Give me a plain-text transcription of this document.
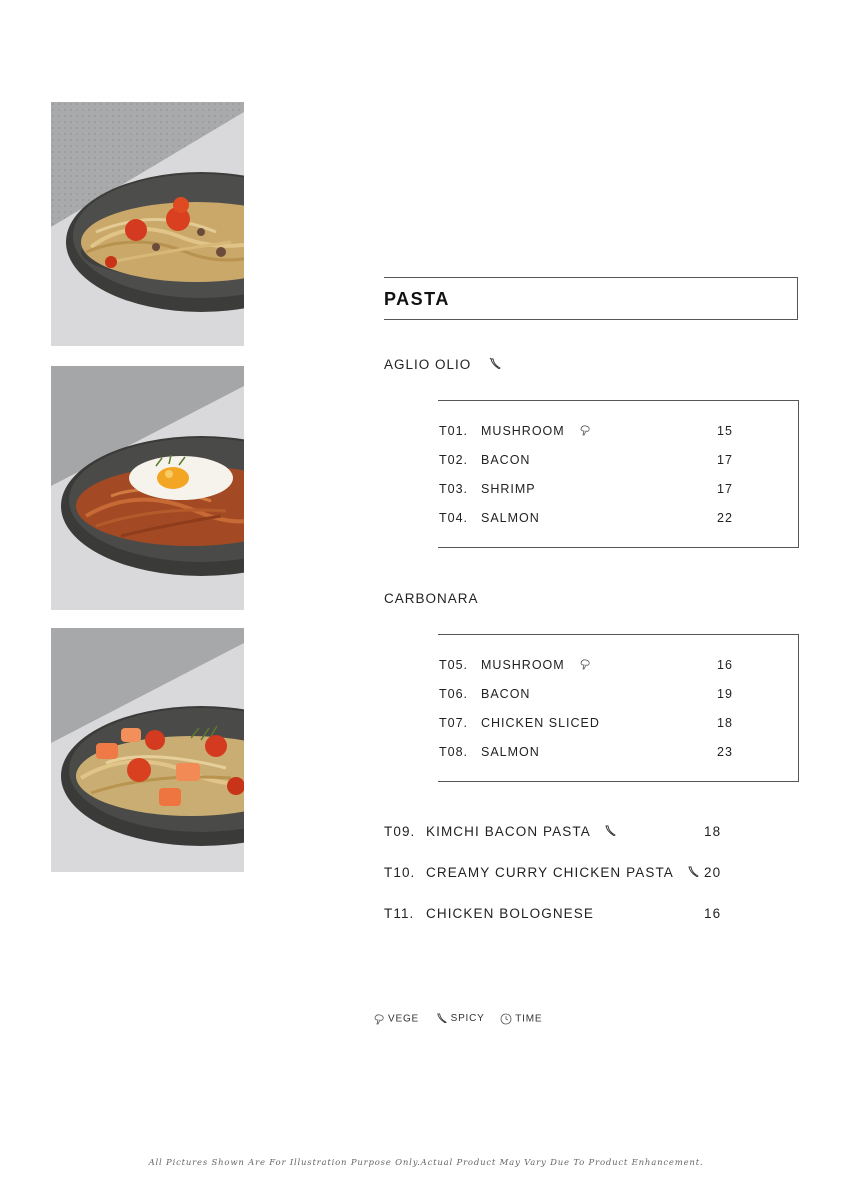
PASTA
AGLIO OLIO
T01. MUSHROOM	15
T02. BACON	17
T03. SHRIMP	17
T04. SALMON	22
CARBONARA
T05. MUSHROOM	16
T06. BACON	19
T07. CHICKEN SLICED	18
T08. SALMON	23
T09. KIMCHI BACON PASTA	18
T10. CREAMY CURRY CHICKEN PASTA	20
T11. CHICKEN BOLOGNESE	16
VEGE	SPICY	TIME
All Pictures Shown Are For Illustration Purpose Only.Actual Product May Vary Due To Product Enhancement.
